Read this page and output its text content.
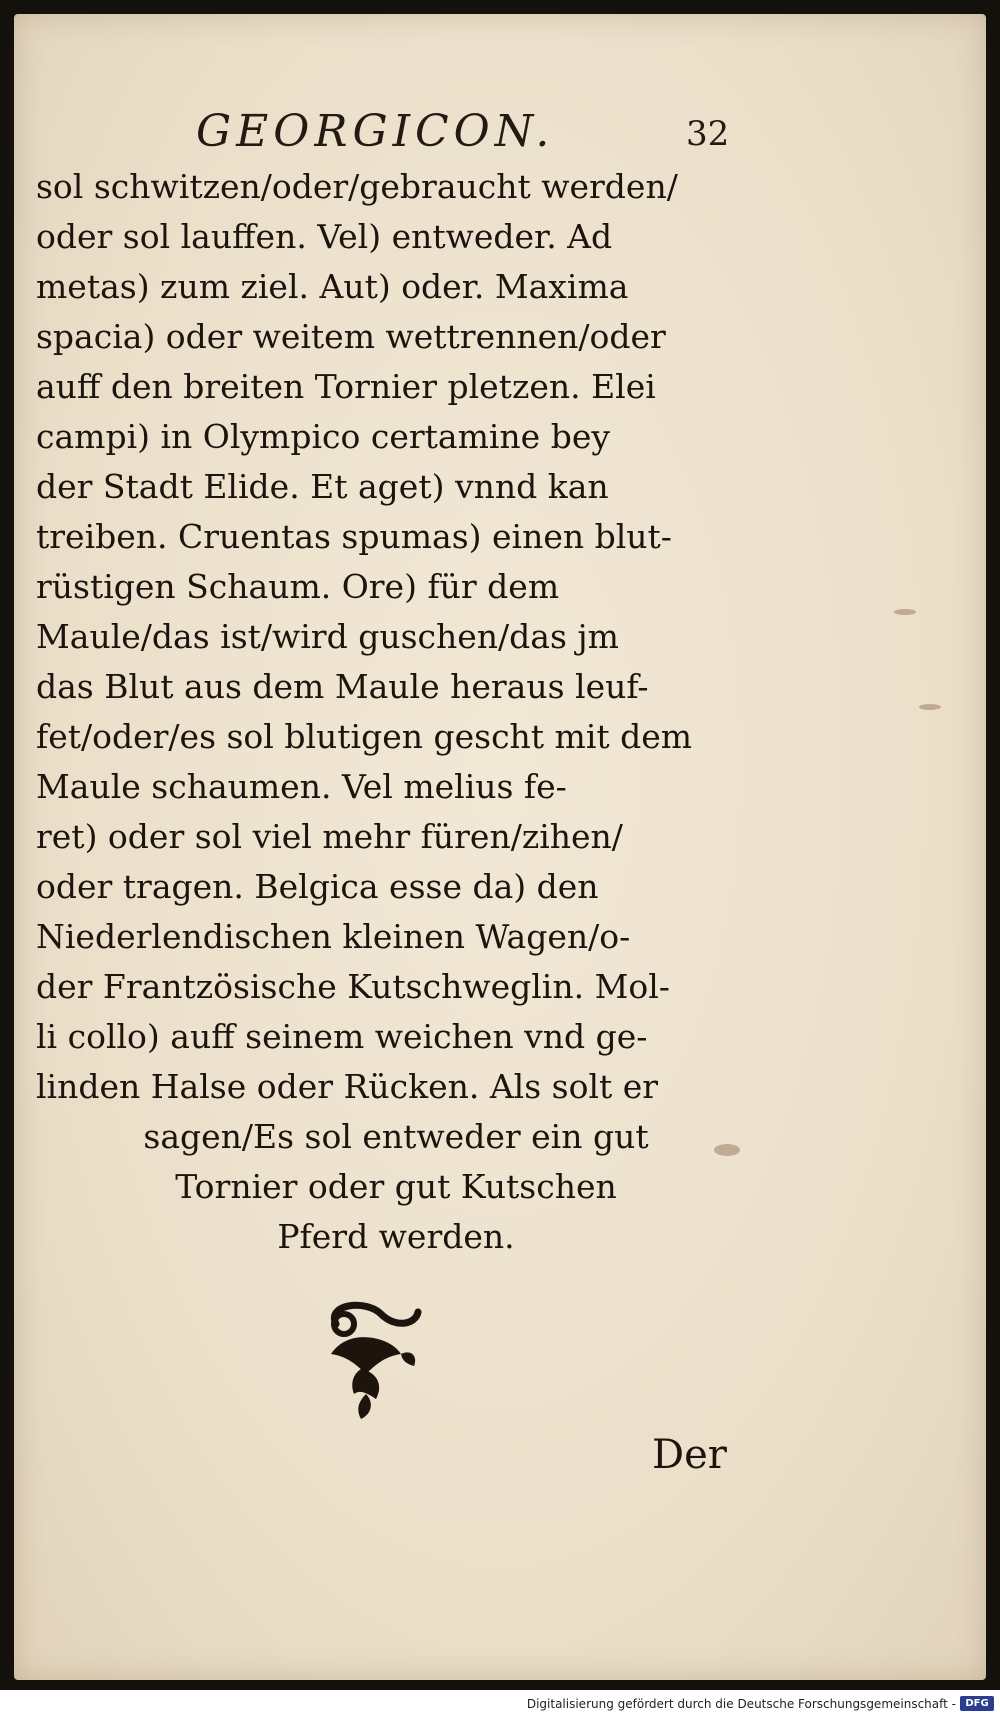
GEORGICON.	32
sol schwitzen/oder/gebraucht werden/
oder sol lauffen. Vel) entweder. Ad
metas) zum ziel. Aut) oder. Maxima
spacia) oder weitem wettrennen/oder
auff den breiten Tornier pletzen. Elei
campi) in Olympico certamine bey
der Stadt Elide. Et aget) vnnd kan
treiben. Cruentas spumas) einen blut-
rüstigen Schaum. Ore) für dem
Maule/das ist/wird guschen/das jm
das Blut aus dem Maule heraus leuf-
fet/oder/es sol blutigen gescht mit dem
Maule schaumen. Vel melius fe-
ret) oder sol viel mehr füren/zihen/
oder tragen. Belgica esse da) den
Niederlendischen kleinen Wagen/o-
der Frantzösische Kutschweglin. Mol-
li collo) auff seinem weichen vnd ge-
linden Halse oder Rücken. Als solt er
sagen/Es sol entweder ein gut
Tornier oder gut Kutschen
Pferd werden.
Der
Digitalisierung gefördert durch die Deutsche Forschungsgemeinschaft - DFG
